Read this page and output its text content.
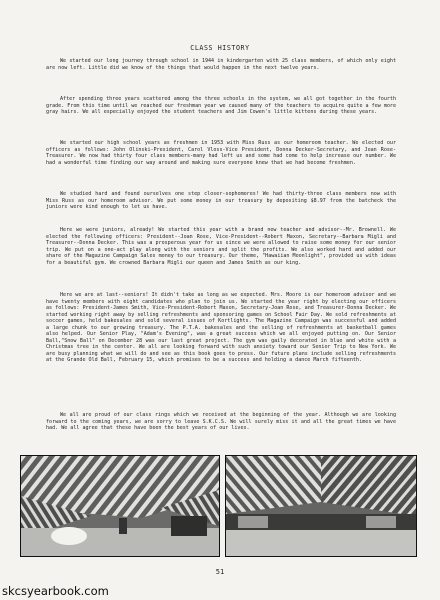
CLASS HISTORY

We started our long journey through school in 1944 in kindergarten with 25 class members, of which only eight are now left. Little did we know of the things that would happen in the next twelve years.

After spending three years scattered among the three schools in the system, we all got together in the fourth grade. From this time until we reached our freshman year we caused many of the teachers to acquire quite a few more gray hairs. We all especially enjoyed the student teachers and Jim Cowen's little kittens during these years.

We started our high school years as freshmen in 1953 with Miss Russ as our homeroom teacher. We elected our officers as follows: John Olinski-President, Carol Vloss-Vice President, Donna Decker-Secretary, and Joan Rose-Treasurer. We now had thirty four class members-many had left us and some had come to help increase our number. We had a wonderful time finding our way around and making sure everyone knew that we had become freshmen.

We studied hard and found ourselves one step closer-sophomores! We had thirty-three class members now with Miss Russ as our homeroom advisor. We put some money in our treasury by depositing $8.97 from the batcheck the juniors were kind enough to let us have.

Here we were juniors, already! We started this year with a brand new teacher and advisor--Mr. Brownell. We elected the following officers: President--Joan Rose, Vice-President--Robert Maxon, Secretary--Barbara Migli and Treasurer--Donna Decker. This was a prosperous year for us since we were allowed to raise some money for our senior trip. We put on a one-act play along with the seniors and split the profits. We also worked hard and added our share of the Magazine Campaign Sales money to our treasury. Our theme, "Hawaiian Moonlight", provided us with ideas for a beautiful gym. We crowned Barbara Migli our queen and James Smith as our king.

Here we are at last--seniors! It didn't take as long as we expected. Mrs. Moore is our homeroom advisor and we have twenty members with eight candidates who plan to join us. We started the year right by electing our officers as follows: President-James Smith, Vice-President-Robert Maxon, Secretary-Joan Rose, and Treasurer-Donna Decker. We started working right away by selling refreshments and sponsoring games on School Fair Day. We sold refreshments at soccer games, held bakesales and sold several issues of Kortlights. The Magazine Campaign was successful and added a large chunk to our growing treasury. The P.T.A. bakesales and the selling of refreshments at basketball games also helped. Our Senior Play, "Adam's Evening", was a great success which we all enjoyed putting on. Our Senior Ball,"Snow Ball" on December 28 was our last great project. The gym was gaily decorated in blue and white with a Christmas tree in the center. We all are looking forward with such anxiety toward our Senior Trip to New York. We are busy planning what we will do and see as this book goes to press. Our future plans include selling refreshments at the Grande Old Ball, February 15, which promises to be a success and holding a dance March fifteenth.

We all are proud of our class rings which we received at the beginning of the year. Although we are looking forward to the coming years, we are sorry to leave S.K.C.S. We will surely miss it and all the great times we have had. We all agree that these have been the best years of our lives.

51
skcsyearbook.com
